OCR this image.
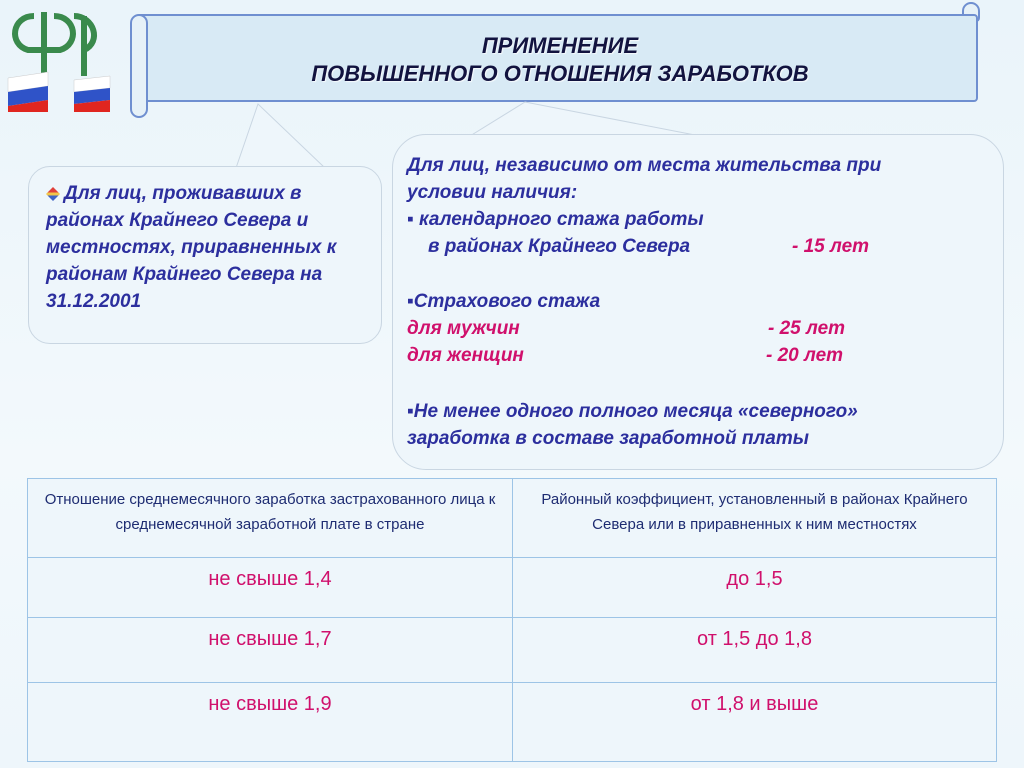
ПРИМЕНЕНИЕ
ПОВЫШЕННОГО ОТНОШЕНИЯ ЗАРАБОТКОВ
Для лиц, проживавших в районах Крайнего Севера и местностях, приравненных к районам Крайнего Севера на 31.12.2001
Для лиц, независимо от места жительства при
условии наличия:
▪ календарного стажа работы
в районах Крайнего Севера	- 15 лет
▪Страхового стажа
для мужчин	- 25 лет
для женщин	- 20 лет
▪Не менее одного полного месяца «северного»
заработка в составе заработной платы
Отношение среднемесячного заработка застрахованного лица к среднемесячной заработной плате в стране	Районный коэффициент, установленный в районах Крайнего Севера или в приравненных к ним местностях
не свыше 1,4	до 1,5
не свыше 1,7	от 1,5 до 1,8
не свыше 1,9	от 1,8 и выше
